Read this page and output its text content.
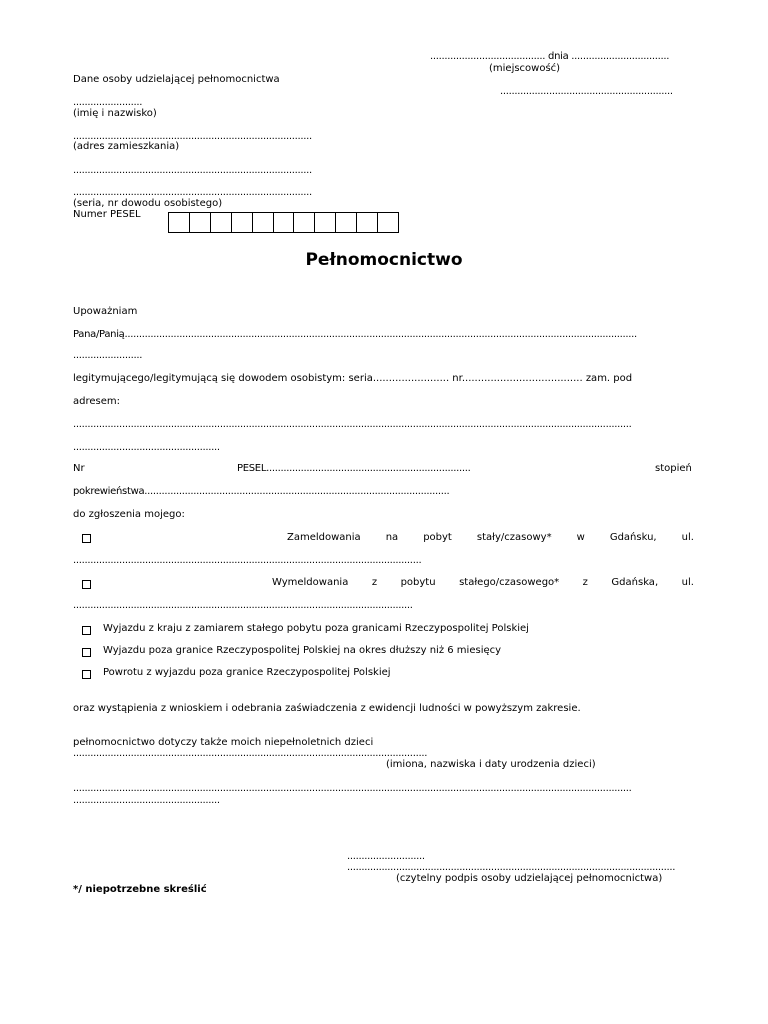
........................................ dnia ..................................
(miejscowość)
Dane osoby udzielającej pełnomocnictwa
............................................................
........................
(imię i nazwisko)
...................................................................................
(adres zamieszkania)
...................................................................................
...................................................................................
(seria, nr dowodu osobistego)
Numer PESEL
Pełnomocnictwo
Upoważniam
Pana/Panią..................................................................................................................................................................................
........................
legitymującego/legitymującą się dowodem osobistym: seria........................ nr...................................... zam. pod
adresem:
..................................................................................................................................................................................................
...................................................
Nr	PESEL.......................................................................	stopień
pokrewieństwa..........................................................................................................
do zgłoszenia mojego:
Zameldowania	na	pobyt	stały/czasowy*	w	Gdańsku,	ul.
.........................................................................................................................
Wymeldowania z pobytu stałego/czasowego* z Gdańska, ul.
......................................................................................................................
Wyjazdu z kraju z zamiarem stałego pobytu poza granicami Rzeczypospolitej Polskiej
Wyjazdu poza granice Rzeczypospolitej Polskiej na okres dłuższy niż 6 miesięcy
Powrotu z wyjazdu poza granice Rzeczypospolitej Polskiej
oraz wystąpienia z wnioskiem i odebrania zaświadczenia z ewidencji ludności w powyższym zakresie.
pełnomocnictwo dotyczy także moich niepełnoletnich dzieci
...........................................................................................................................
(imiona, nazwiska i daty urodzenia dzieci)
..................................................................................................................................................................................................
...................................................
...........................
..................................................................................................................
(czytelny podpis osoby udzielającej pełnomocnictwa)
*/ niepotrzebne skreślić
